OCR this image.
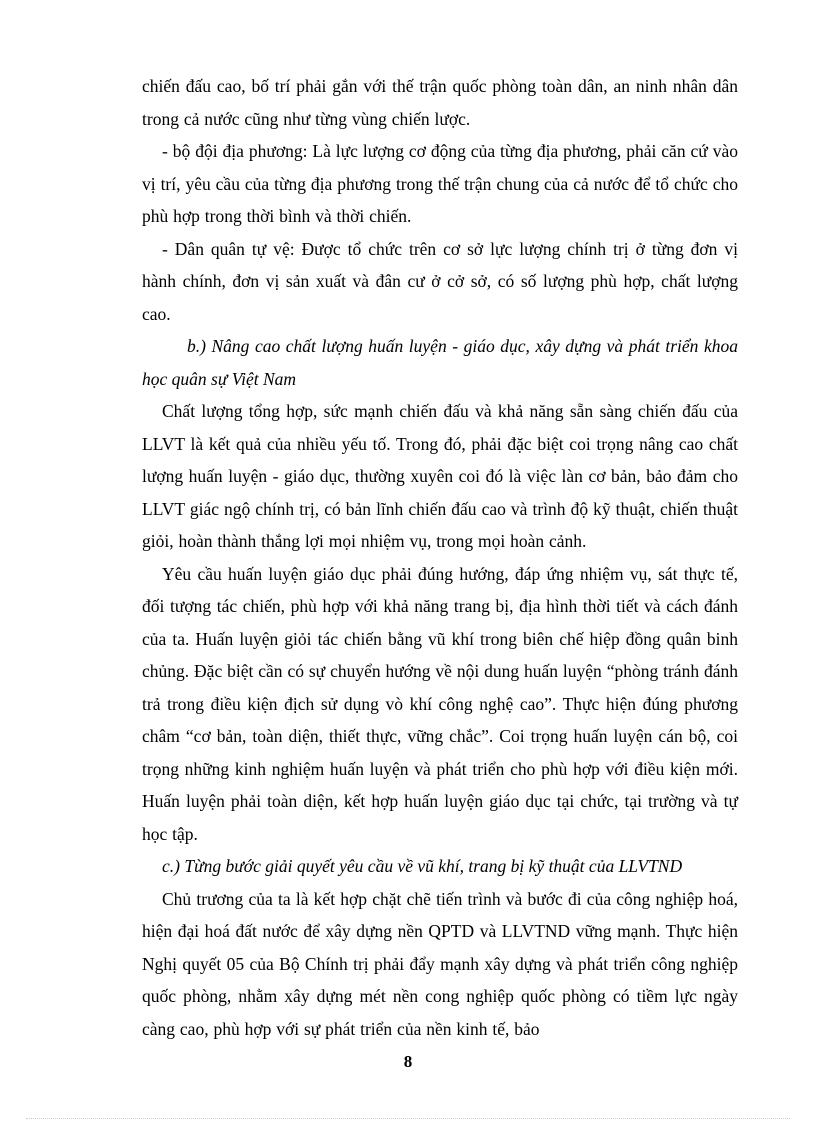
chiến đấu cao, bố trí phải gắn với thế trận quốc phòng toàn dân, an ninh nhân dân trong cả nước cũng như từng vùng chiến lược.

- bộ đội địa phương: Là lực lượng cơ động của từng địa phương, phải căn cứ vào vị trí, yêu cầu của từng địa phương trong thế trận chung của cả nước để tổ chức cho phù hợp trong thời bình và thời chiến.

- Dân quân tự vệ: Được tổ chức trên cơ sở lực lượng chính trị ở từng đơn vị hành chính, đơn vị sản xuất và đân cư ở cở sở, có số lượng phù hợp, chất lượng cao.

b.) Nâng cao chất lượng huấn luyện - giáo dục, xây dựng và phát triển khoa học quân sự Việt Nam

Chất lượng tổng hợp, sức mạnh chiến đấu và khả năng sẵn sàng chiến đấu của LLVT là kết quả của nhiều yếu tố. Trong đó, phải đặc biệt coi trọng nâng cao chất lượng huấn luyện - giáo dục, thường xuyên coi đó là việc làn cơ bản, bảo đảm cho LLVT giác ngộ chính trị, có bản lĩnh chiến đấu cao và trình độ kỹ thuật, chiến thuật giỏi, hoàn thành thắng lợi mọi nhiệm vụ, trong mọi hoàn cảnh.

Yêu cầu huấn luyện giáo dục phải đúng hướng, đáp ứng nhiệm vụ, sát thực tế, đối tượng tác chiến, phù hợp với khả năng trang bị, địa hình thời tiết và cách đánh của ta. Huấn luyện giỏi tác chiến bằng vũ khí trong biên chế hiệp đồng quân binh chủng. Đặc biệt cần có sự chuyển hướng về nội dung huấn luyện “phòng tránh đánh trả trong điều kiện địch sử dụng vò khí công nghệ cao”. Thực hiện đúng phương châm “cơ bản, toàn diện, thiết thực, vững chắc”. Coi trọng huấn luyện cán bộ, coi trọng những kinh nghiệm huấn luyện và phát triển cho phù hợp với điều kiện mới. Huấn luyện phải toàn diện, kết hợp huấn luyện giáo dục tại chức, tại trường và tự học tập.

c.) Từng bước giải quyết yêu cầu về vũ khí, trang bị kỹ thuật của LLVTND

Chủ trương của ta là kết hợp chặt chẽ tiến trình và bước đi của công nghiệp hoá, hiện đại hoá đất nước để xây dựng nền QPTD và LLVTND vững mạnh. Thực hiện Nghị quyết 05 của Bộ Chính trị phải đẩy mạnh xây dựng và phát triển công nghiệp quốc phòng, nhằm xây dựng mét nền cong nghiệp quốc phòng có tiềm lực ngày càng cao, phù hợp với sự phát triển của nền kinh tế, bảo

8
